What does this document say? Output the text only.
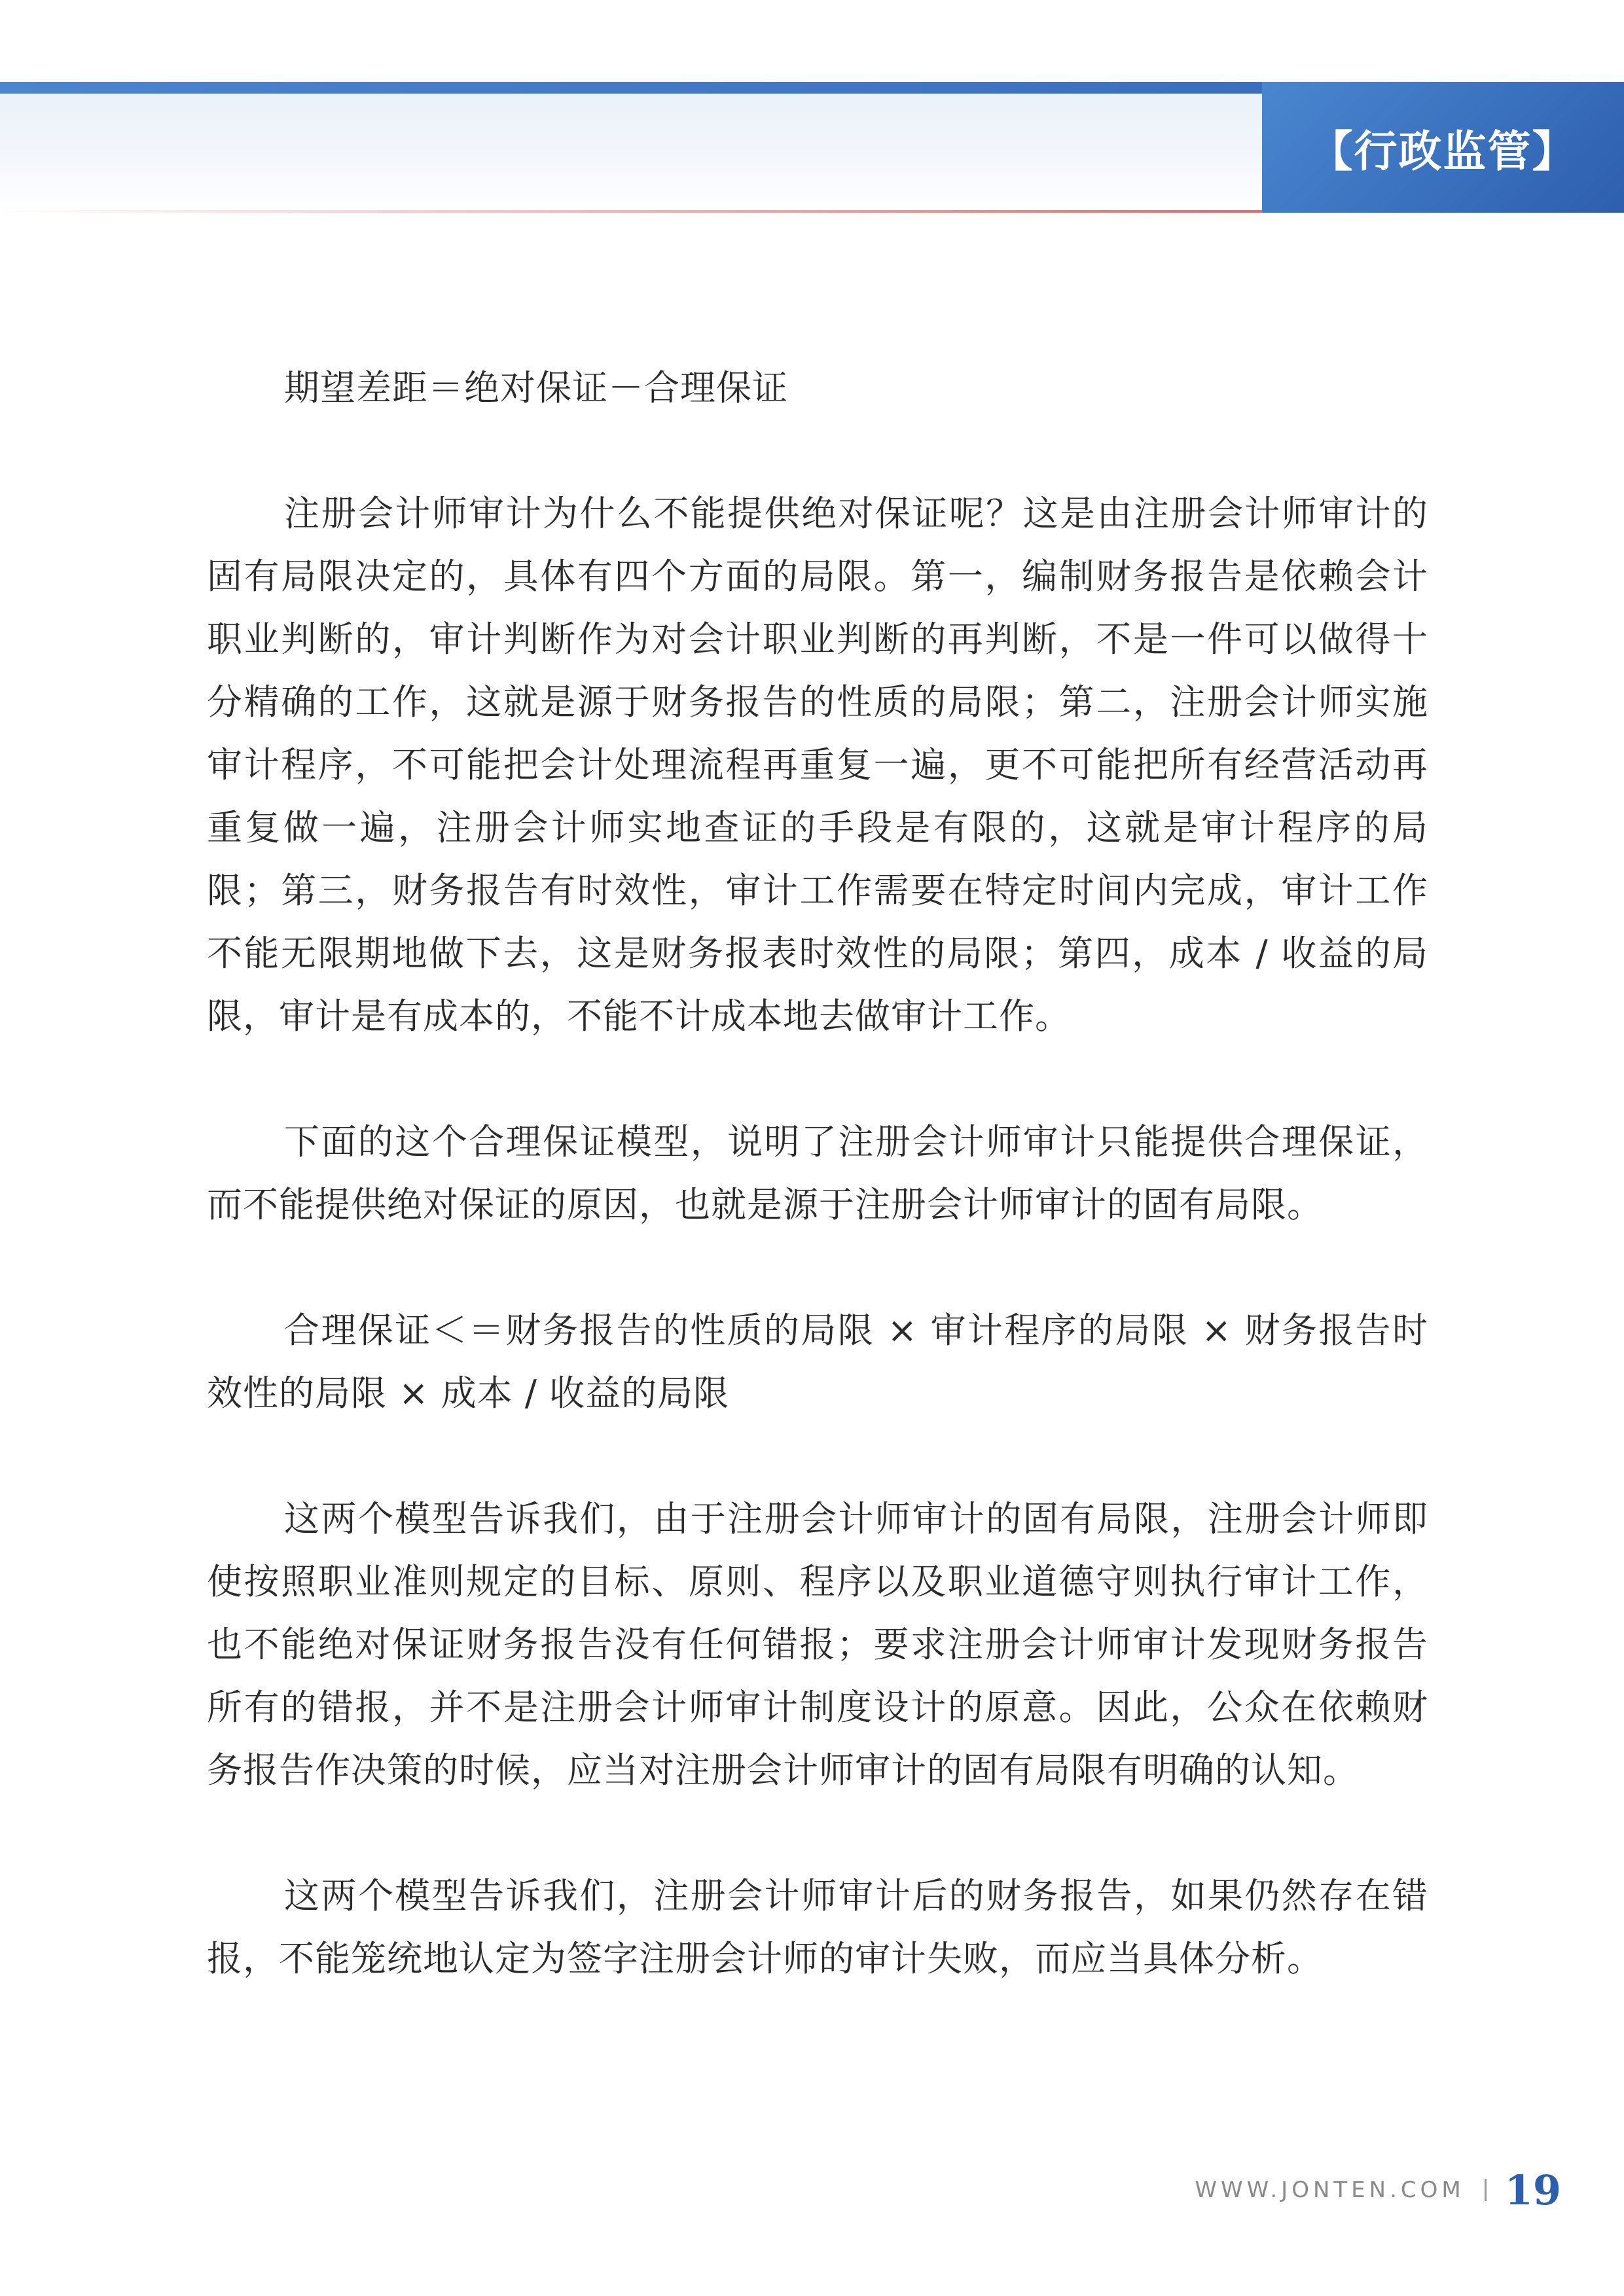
【行政监管】

期望差距＝绝对保证－合理保证

注册会计师审计为什么不能提供绝对保证呢？这是由注册会计师审计的固有局限决定的，具体有四个方面的局限。第一，编制财务报告是依赖会计职业判断的，审计判断作为对会计职业判断的再判断，不是一件可以做得十分精确的工作，这就是源于财务报告的性质的局限；第二，注册会计师实施审计程序，不可能把会计处理流程再重复一遍，更不可能把所有经营活动再重复做一遍，注册会计师实地查证的手段是有限的，这就是审计程序的局限；第三，财务报告有时效性，审计工作需要在特定时间内完成，审计工作不能无限期地做下去，这是财务报表时效性的局限；第四，成本 / 收益的局限，审计是有成本的，不能不计成本地去做审计工作。

下面的这个合理保证模型，说明了注册会计师审计只能提供合理保证，而不能提供绝对保证的原因，也就是源于注册会计师审计的固有局限。

合理保证＜＝财务报告的性质的局限 × 审计程序的局限 × 财务报告时效性的局限 × 成本 / 收益的局限

这两个模型告诉我们，由于注册会计师审计的固有局限，注册会计师即使按照职业准则规定的目标、原则、程序以及职业道德守则执行审计工作，也不能绝对保证财务报告没有任何错报；要求注册会计师审计发现财务报告所有的错报，并不是注册会计师审计制度设计的原意。因此，公众在依赖财务报告作决策的时候，应当对注册会计师审计的固有局限有明确的认知。

这两个模型告诉我们，注册会计师审计后的财务报告，如果仍然存在错报，不能笼统地认定为签字注册会计师的审计失败，而应当具体分析。

WWW.JONTEN.COM 19
